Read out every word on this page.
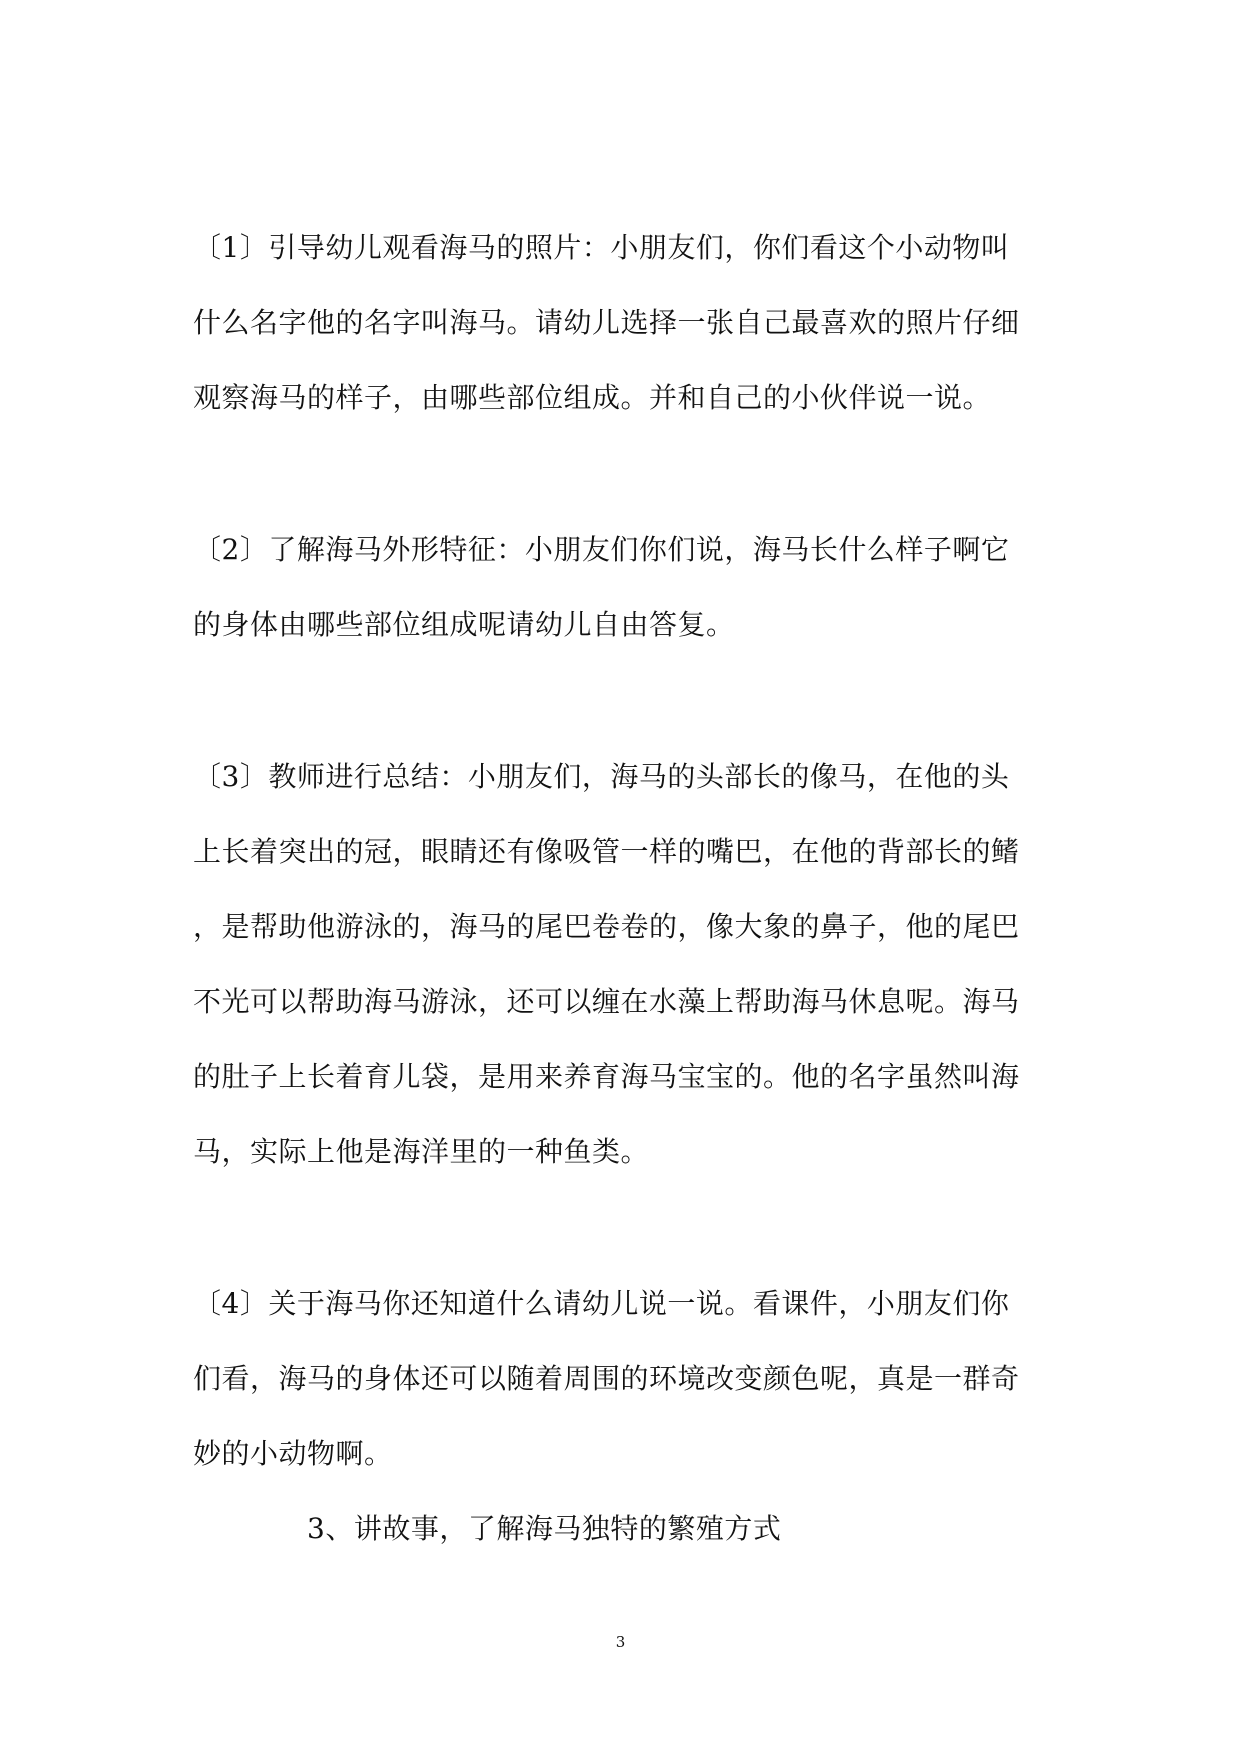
〔1〕引导幼儿观看海马的照片：小朋友们，你们看这个小动物叫
什么名字他的名字叫海马。请幼儿选择一张自己最喜欢的照片仔细
观察海马的样子，由哪些部位组成。并和自己的小伙伴说一说。
〔2〕了解海马外形特征：小朋友们你们说，海马长什么样子啊它
的身体由哪些部位组成呢请幼儿自由答复。
〔3〕教师进行总结：小朋友们，海马的头部长的像马，在他的头
上长着突出的冠，眼睛还有像吸管一样的嘴巴，在他的背部长的鳍
，是帮助他游泳的，海马的尾巴卷卷的，像大象的鼻子，他的尾巴
不光可以帮助海马游泳，还可以缠在水藻上帮助海马休息呢。海马
的肚子上长着育儿袋，是用来养育海马宝宝的。他的名字虽然叫海
马，实际上他是海洋里的一种鱼类。
〔4〕关于海马你还知道什么请幼儿说一说。看课件，小朋友们你
们看，海马的身体还可以随着周围的环境改变颜色呢，真是一群奇
妙的小动物啊。
3、讲故事，了解海马独特的繁殖方式
3
